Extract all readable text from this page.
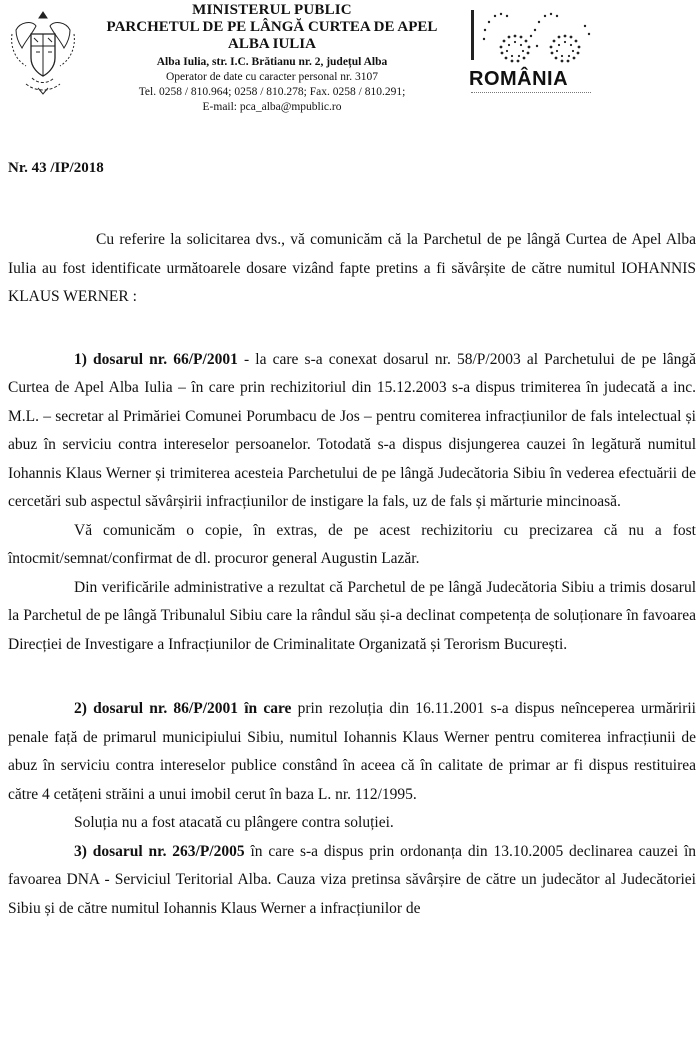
MINISTERUL PUBLIC
PARCHETUL DE PE LÂNGĂ CURTEA DE APEL
ALBA IULIA
Alba Iulia, str. I.C. Brătianu nr. 2, județul Alba
Operator de date cu caracter personal nr. 3107
Tel. 0258 / 810.964; 0258 / 810.278; Fax. 0258 / 810.291;
E-mail: pca_alba@mpublic.ro
ROMÂNIA
Nr. 43 /IP/2018

Cu referire la solicitarea dvs., vă comunicăm că la Parchetul de pe lângă Curtea de Apel Alba Iulia au fost identificate următoarele dosare vizând fapte pretins a fi săvârșite de către numitul IOHANNIS KLAUS WERNER :

1) dosarul nr. 66/P/2001 - la care s-a conexat dosarul nr. 58/P/2003 al Parchetului de pe lângă Curtea de Apel Alba Iulia – în care prin rechizitoriul din 15.12.2003 s-a dispus trimiterea în judecată a inc. M.L. – secretar al Primăriei Comunei Porumbacu de Jos – pentru comiterea infracțiunilor de fals intelectual și abuz în serviciu contra intereselor persoanelor. Totodată s-a dispus disjungerea cauzei în legătură numitul Iohannis Klaus Werner și trimiterea acesteia Parchetului de pe lângă Judecătoria Sibiu în vederea efectuării de cercetări sub aspectul săvârșirii infracțiunilor de instigare la fals, uz de fals și mărturie mincinoasă.

Vă comunicăm o copie, în extras, de pe acest rechizitoriu cu precizarea că nu a fost întocmit/semnat/confirmat de dl. procuror general Augustin Lazăr.

Din verificările administrative a rezultat că Parchetul de pe lângă Judecătoria Sibiu a trimis dosarul la Parchetul de pe lângă Tribunalul Sibiu care la rândul său și-a declinat competența de soluționare în favoarea Direcției de Investigare a Infracțiunilor de Criminalitate Organizată și Terorism București.

2) dosarul nr. 86/P/2001 în care prin rezoluția din 16.11.2001 s-a dispus neînceperea urmăririi penale față de primarul municipiului Sibiu, numitul Iohannis Klaus Werner pentru comiterea infracțiunii de abuz în serviciu contra intereselor publice constând în aceea că în calitate de primar ar fi dispus restituirea către 4 cetățeni străini a unui imobil cerut în baza L. nr. 112/1995.

Soluția nu a fost atacată cu plângere contra soluției.

3) dosarul nr. 263/P/2005 în care s-a dispus prin ordonanța din 13.10.2005 declinarea cauzei în favoarea DNA - Serviciul Teritorial Alba. Cauza viza pretinsa săvârșire de către un judecător al Judecătoriei Sibiu și de către numitul Iohannis Klaus Werner a infracțiunilor de
